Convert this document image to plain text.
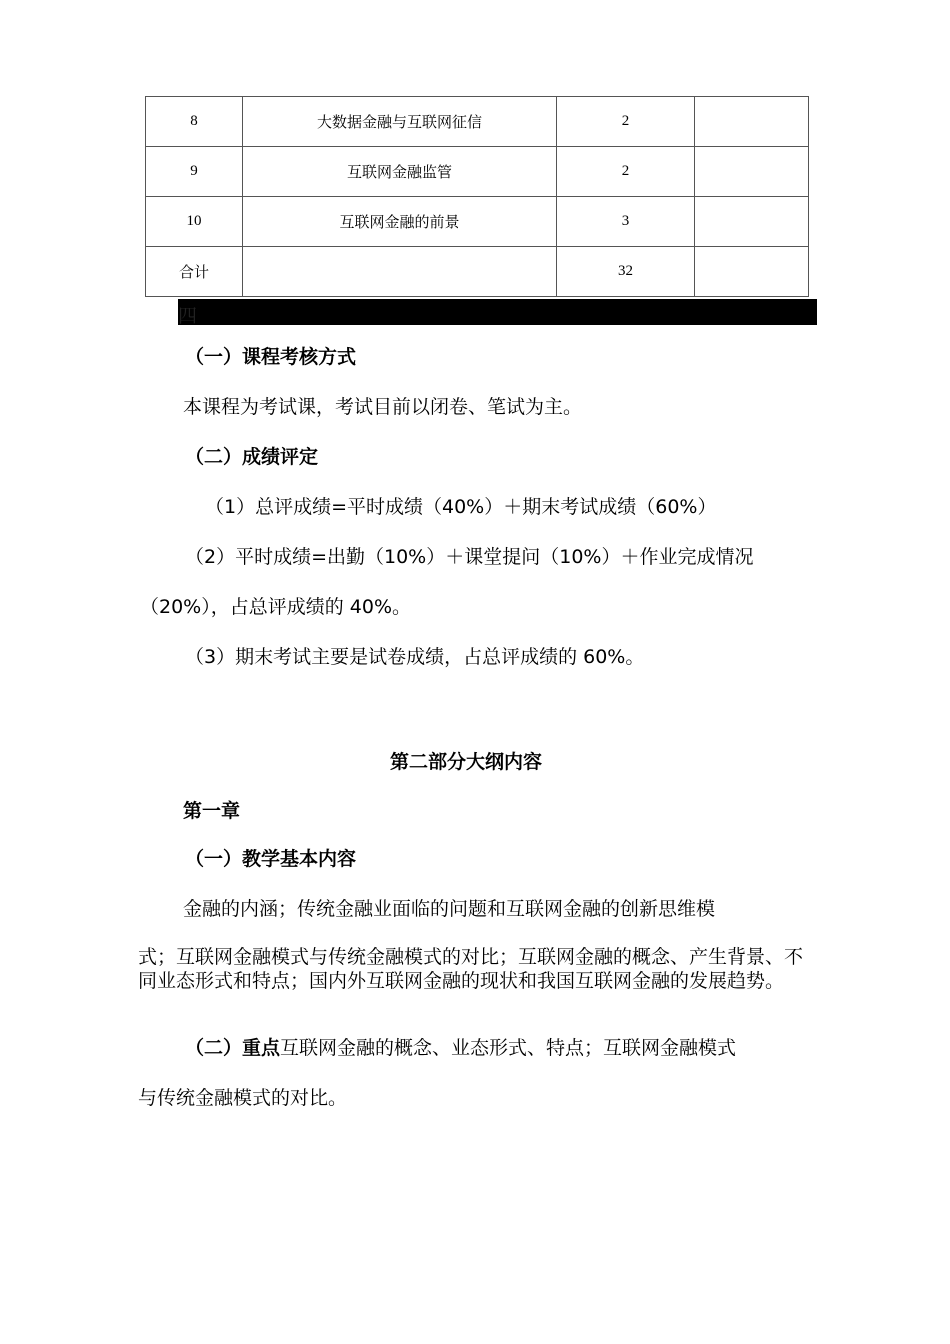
8	大数据金融与互联网征信	2	
9	互联网金融监管	2	
10	互联网金融的前景	3	
合计		32	
四
（一）课程考核方式
本课程为考试课，考试目前以闭卷、笔试为主。
（二）成绩评定
（1）总评成绩=平时成绩（40%）＋期末考试成绩（60%）
（2）平时成绩=出勤（10%）＋课堂提问（10%）＋作业完成情况
（20%），占总评成绩的 40%。
（3）期末考试主要是试卷成绩，占总评成绩的 60%。
第二部分大纲内容
第一章
（一）教学基本内容
金融的内涵；传统金融业面临的问题和互联网金融的创新思维模
式；互联网金融模式与传统金融模式的对比；互联网金融的概念、产生背景、不同业态形式和特点；国内外互联网金融的现状和我国互联网金融的发展趋势。
（二）重点互联网金融的概念、业态形式、特点；互联网金融模式
与传统金融模式的对比。
